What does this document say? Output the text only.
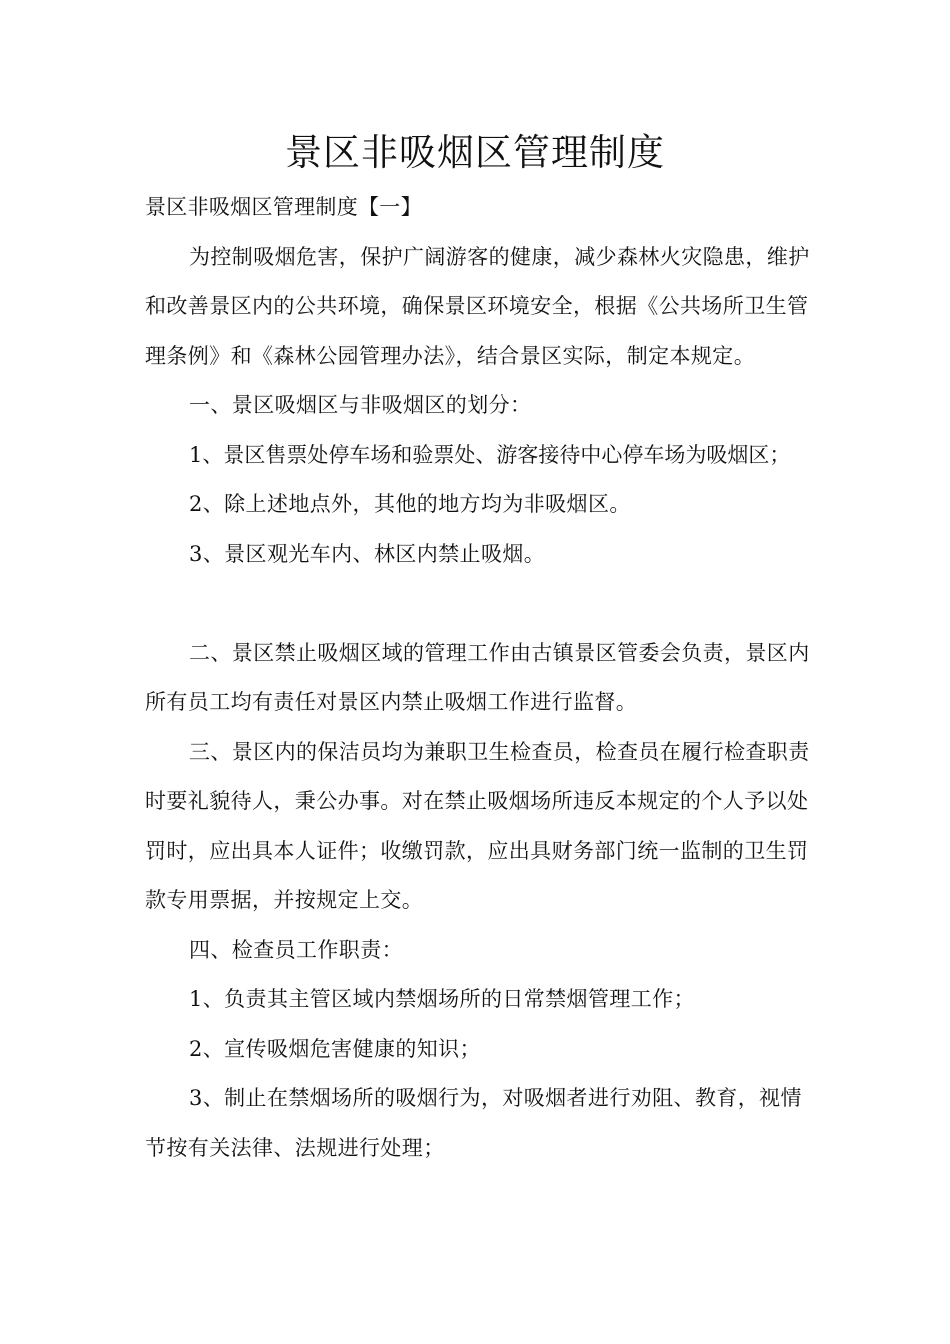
景区非吸烟区管理制度

景区非吸烟区管理制度【一】

为控制吸烟危害，保护广阔游客的健康，减少森林火灾隐患，维护和改善景区内的公共环境，确保景区环境安全，根据《公共场所卫生管理条例》和《森林公园管理办法》，结合景区实际，制定本规定。

一、景区吸烟区与非吸烟区的划分：

1、景区售票处停车场和验票处、游客接待中心停车场为吸烟区；

2、除上述地点外，其他的地方均为非吸烟区。

3、景区观光车内、林区内禁止吸烟。

二、景区禁止吸烟区域的管理工作由古镇景区管委会负责，景区内所有员工均有责任对景区内禁止吸烟工作进行监督。

三、景区内的保洁员均为兼职卫生检查员，检查员在履行检查职责时要礼貌待人，秉公办事。对在禁止吸烟场所违反本规定的个人予以处罚时，应出具本人证件；收缴罚款，应出具财务部门统一监制的卫生罚款专用票据，并按规定上交。

四、检查员工作职责：

1、负责其主管区域内禁烟场所的日常禁烟管理工作；

2、宣传吸烟危害健康的知识；

3、制止在禁烟场所的吸烟行为，对吸烟者进行劝阻、教育，视情节按有关法律、法规进行处理；
